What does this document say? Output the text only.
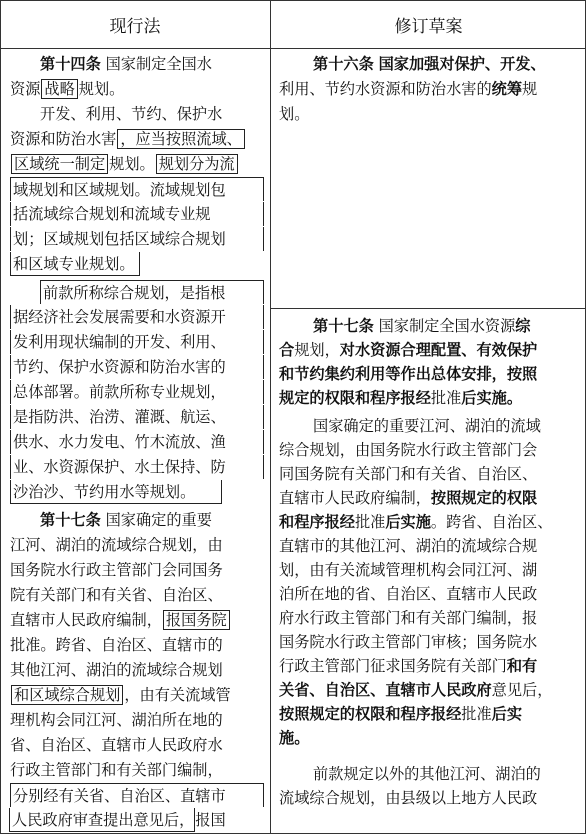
现行法	修订草案
第十四条 国家制定全国水
资源 战略 规划。
开发、利用、节约、保护水
资源和防治水害 ，应当按照流域、
区域统一制定 规划。 规划分为流
域规划和区域规划。流域规划包
括流域综合规划和流域专业规
划；区域规划包括区域综合规划
和区域专业规划。
前款所称综合规划，是指根
据经济社会发展需要和水资源开
发利用现状编制的开发、利用、
节约、保护水资源和防治水害的
总体部署。前款所称专业规划，
是指防洪、治涝、灌溉、航运、
供水、水力发电、竹木流放、渔
业、水资源保护、水土保持、防
沙治沙、节约用水等规划。
第十七条 国家确定的重要
江河、湖泊的流域综合规划，由
国务院水行政主管部门会同国务
院有关部门和有关省、自治区、
直辖市人民政府编制， 报国务院
批准。跨省、自治区、直辖市的
其他江河、湖泊的流域综合规划
和区域综合规划 ，由有关流域管
理机构会同江河、湖泊所在地的
省、自治区、直辖市人民政府水
行政主管部门和有关部门编制，
分别经有关省、自治区、直辖市
人民政府审查提出意见后，报国
第十六条 国家加强对保护、开发、
利用、节约水资源和防治水害的统筹规
划。
第十七条 国家制定全国水资源综
合规划，对水资源合理配置、有效保护
和节约集约利用等作出总体安排，按照
规定的权限和程序报经批准后实施。
国家确定的重要江河、湖泊的流域
综合规划，由国务院水行政主管部门会
同国务院有关部门和有关省、自治区、
直辖市人民政府编制，按照规定的权限
和程序报经批准后实施。跨省、自治区、
直辖市的其他江河、湖泊的流域综合规
划，由有关流域管理机构会同江河、湖
泊所在地的省、自治区、直辖市人民政
府水行政主管部门和有关部门编制，报
国务院水行政主管部门审核；国务院水
行政主管部门征求国务院有关部门和有
关省、自治区、直辖市人民政府意见后，
按照规定的权限和程序报经批准后实
施。
前款规定以外的其他江河、湖泊的
流域综合规划，由县级以上地方人民政
